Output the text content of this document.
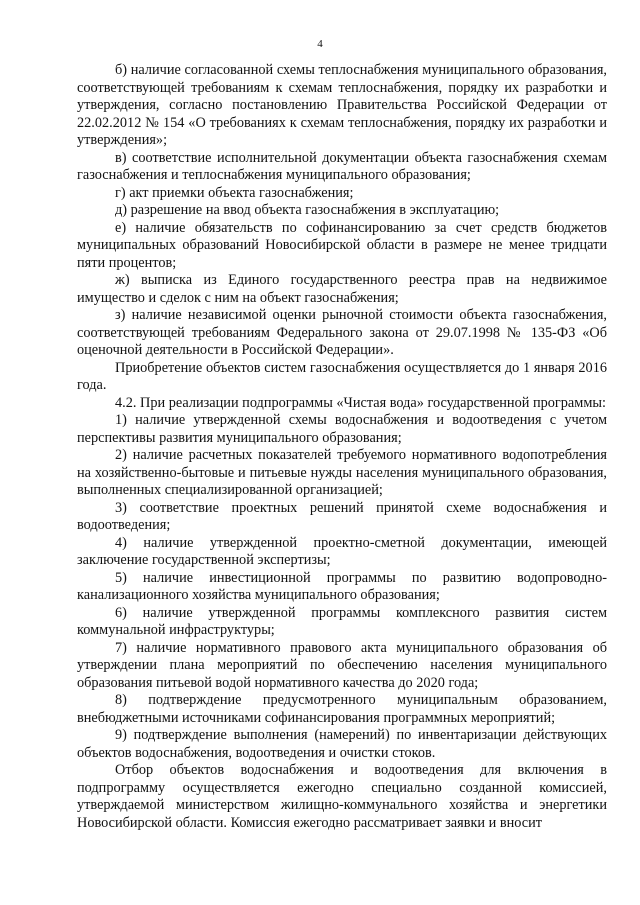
4

б) наличие согласованной схемы теплоснабжения муниципального образования, соответствующей требованиям к схемам теплоснабжения, порядку их разработки и утверждения, согласно постановлению Правительства Российской Федерации от 22.02.2012 № 154 «О требованиях к схемам теплоснабжения, порядку их разработки и утверждения»;

в) соответствие исполнительной документации объекта газоснабжения схемам газоснабжения и теплоснабжения муниципального образования;

г) акт приемки объекта газоснабжения;

д) разрешение на ввод объекта газоснабжения в эксплуатацию;

е) наличие обязательств по софинансированию за счет средств бюджетов муниципальных образований Новосибирской области в размере не менее тридцати пяти процентов;

ж) выписка из Единого государственного реестра прав на недвижимое имущество и сделок с ним на объект газоснабжения;

з) наличие независимой оценки рыночной стоимости объекта газоснабжения, соответствующей требованиям Федерального закона от 29.07.1998 № 135-ФЗ «Об оценочной деятельности в Российской Федерации».

Приобретение объектов систем газоснабжения осуществляется до 1 января 2016 года.

4.2. При реализации подпрограммы «Чистая вода» государственной программы:

1) наличие утвержденной схемы водоснабжения и водоотведения с учетом перспективы развития муниципального образования;

2) наличие расчетных показателей требуемого нормативного водопотребления на хозяйственно-бытовые и питьевые нужды населения муниципального образования, выполненных специализированной организацией;

3) соответствие проектных решений принятой схеме водоснабжения и водоотведения;

4) наличие утвержденной проектно-сметной документации, имеющей заключение государственной экспертизы;

5) наличие инвестиционной программы по развитию водопроводно-канализационного хозяйства муниципального образования;

6) наличие утвержденной программы комплексного развития систем коммунальной инфраструктуры;

7) наличие нормативного правового акта муниципального образования об утверждении плана мероприятий по обеспечению населения муниципального образования питьевой водой нормативного качества до 2020 года;

8) подтверждение предусмотренного муниципальным образованием, внебюджетными источниками софинансирования программных мероприятий;

9) подтверждение выполнения (намерений) по инвентаризации действующих объектов водоснабжения, водоотведения и очистки стоков.

Отбор объектов водоснабжения и водоотведения для включения в подпрограмму осуществляется ежегодно специально созданной комиссией, утверждаемой министерством жилищно-коммунального хозяйства и энергетики Новосибирской области. Комиссия ежегодно рассматривает заявки и вносит
